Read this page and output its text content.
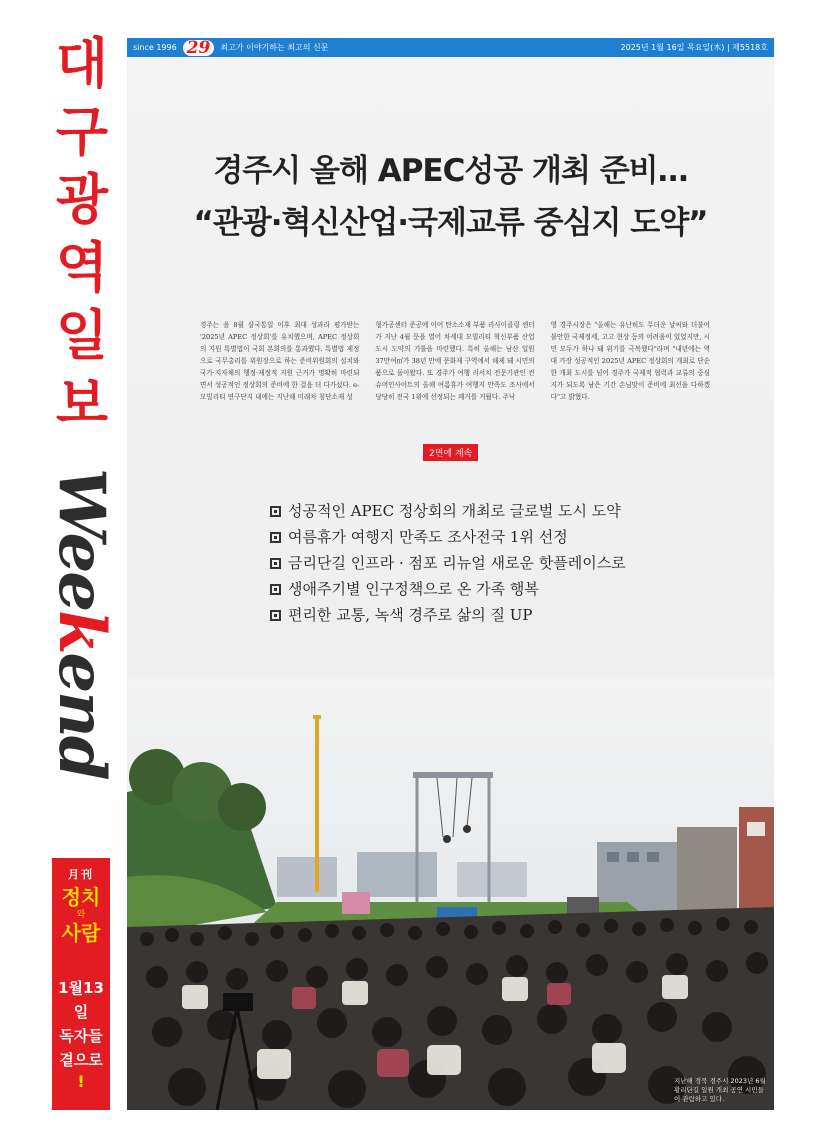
대
구
광
역
일
보
Weekend
月刊
정치
와
사람
1월13일
독자들
곁으로
!
since 1996 29	최고가 이야기하는 최고의 신문	2025년 1월 16일 목요일(木) | 제5518호
경주시 올해 APEC성공 개최 준비…
“관광·혁신산업·국제교류 중심지 도약”

경주는 을 8월 삼국통일 이후 최대 성과라 평가받는 '2025년 APEC 정상회'를 유치했으며, APEC 정상회의 지원 특별법이 국회 본회의를 통과했다. 특별법 제정으로 국무총리를 위원장으로 하는 준비위원회의 설치와 국가·지자체의 행정·재정적 지원 근거가 명확히 마련되면서 성공적인 정상회의 준비에 한 걸음 더 다가섰다. e-모빌리티 연구단지 내에는 지난해 미래차 첨단소재 성

형가공센터 준공에 이어 탄소소재 부품 리사이클링 센터가 지난 4월 문을 열어 차세대 모빌리티 혁신부품 산업도시 도약의 기틀을 마련했다. 특히 올해는 남산 일원 37만여㎡가 38년 만에 문화재 구역에서 해제 돼 시민의 품으로 돌아왔다. 또 경주가 여행 리서치 전문기관인 컨슈머인사이트의 올해 여름휴가 여행지 만족도 조사에서 당당히 전국 1위에 선정되는 쾌거를 거뒀다. 주낙

영 경주시장은 "올해는 유난히도 무더운 날씨와 더불어 불안한 국제정세, 고고 현상 등의 어려움이 있었지만, 시민 모두가 하나 돼 위기를 극복했다"라며 "내년에는 역대 가장 성공적인 2025년 APEC 정상회의 개최로 단순한 개최 도시를 넘어 경주가 국제적 협력과 교류의 중심지가 되도록 남은 기간 손님맞이 준비에 최선을 다하겠다"고 밝혔다.

2면에 계속
성공적인 APEC 정상회의 개최로 글로벌 도시 도약
여름휴가 여행지 만족도 조사전국 1위 선정
금리단길 인프라 · 점포 리뉴얼 새로운 핫플레이스로
생애주기별 인구정책으로 온 가족 행복
편리한 교통, 녹색 경주로 삶의 질 UP
지난해 경북 경주시 2023년 6월 황리단길 일원 개최 공연 시민들이 관람하고 있다.
